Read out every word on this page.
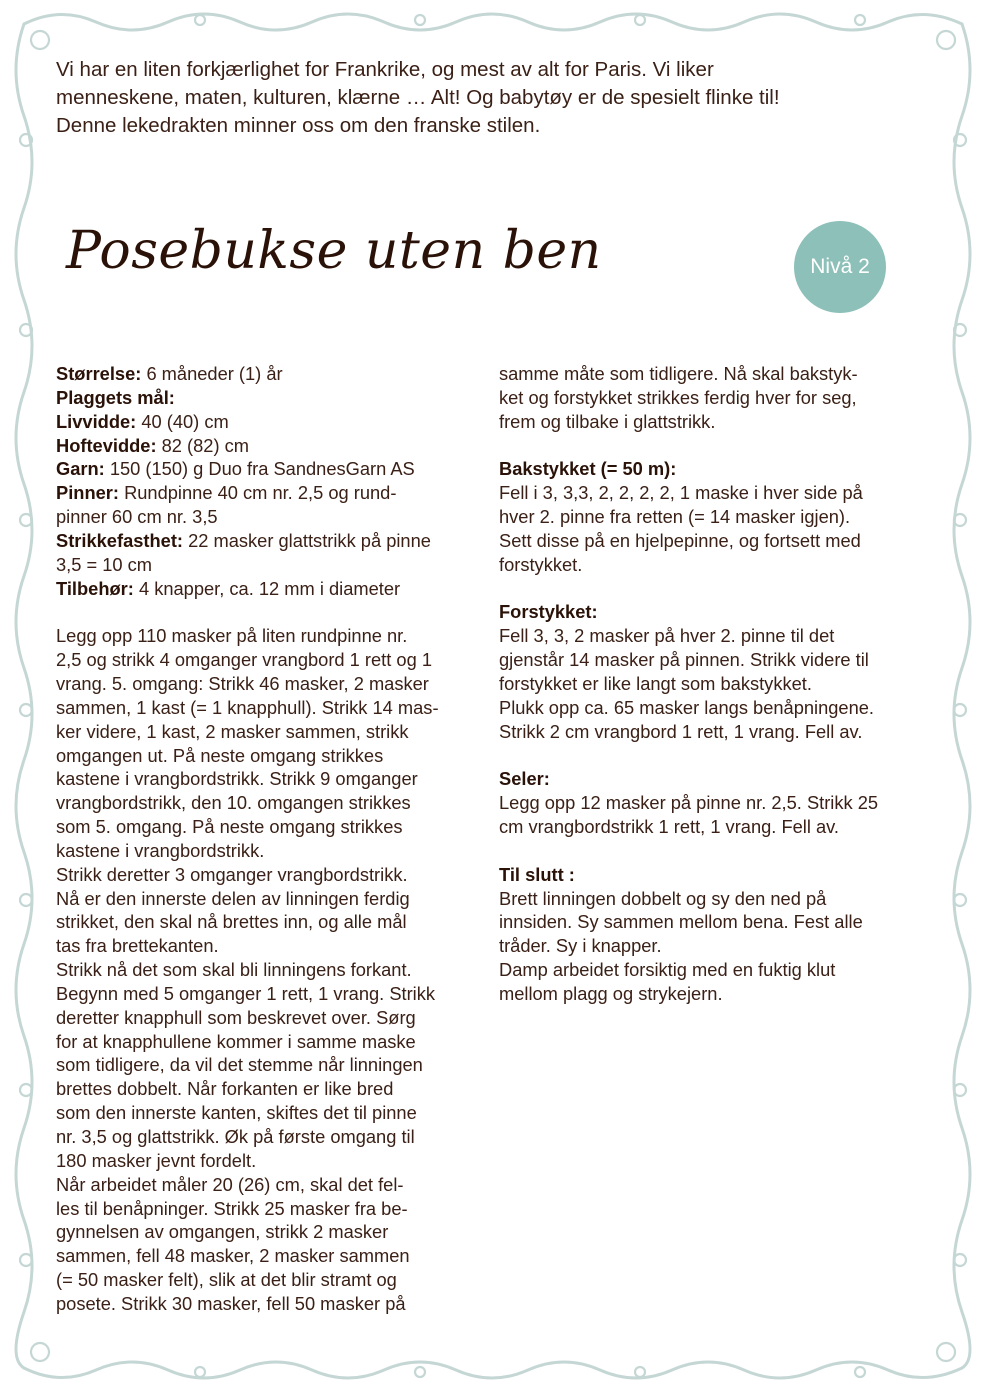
Vi har en liten forkjærlighet for Frankrike, og mest av alt for Paris. Vi liker
menneskene, maten, kulturen, klærne … Alt! Og babytøy er de spesielt flinke til!
Denne lekedrakten minner oss om den franske stilen.
Posebukse uten ben	Nivå 2

Størrelse: 6 måneder (1) år

Plaggets mål:

Livvidde: 40 (40) cm

Hoftevidde: 82 (82) cm

Garn: 150 (150) g Duo fra SandnesGarn AS

Pinner: Rundpinne 40 cm nr. 2,5 og rund-

pinner 60 cm nr. 3,5

Strikkefasthet: 22 masker glattstrikk på pinne

3,5 = 10 cm

Tilbehør: 4 knapper, ca. 12 mm i diameter

Legg opp 110 masker på liten rundpinne nr.

2,5 og strikk 4 omganger vrangbord 1 rett og 1

vrang. 5. omgang: Strikk 46 masker, 2 masker

sammen, 1 kast (= 1 knapphull). Strikk 14 mas-

ker videre, 1 kast, 2 masker sammen, strikk

omgangen ut. På neste omgang strikkes

kastene i vrangbordstrikk. Strikk 9 omganger

vrangbordstrikk, den 10. omgangen strikkes

som 5. omgang. På neste omgang strikkes

kastene i vrangbordstrikk.

Strikk deretter 3 omganger vrangbordstrikk.

Nå er den innerste delen av linningen ferdig

strikket, den skal nå brettes inn, og alle mål

tas fra brettekanten.

Strikk nå det som skal bli linningens forkant.

Begynn med 5 omganger 1 rett, 1 vrang. Strikk

deretter knapphull som beskrevet over. Sørg

for at knapphullene kommer i samme maske

som tidligere, da vil det stemme når linningen

brettes dobbelt. Når forkanten er like bred

som den innerste kanten, skiftes det til pinne

nr. 3,5 og glattstrikk. Øk på første omgang til

180 masker jevnt fordelt.

Når arbeidet måler 20 (26) cm, skal det fel-

les til benåpninger. Strikk 25 masker fra be-

gynnelsen av omgangen, strikk 2 masker

sammen, fell 48 masker, 2 masker sammen

(= 50 masker felt), slik at det blir stramt og

posete. Strikk 30 masker, fell 50 masker på

samme måte som tidligere. Nå skal bakstyk-

ket og forstykket strikkes ferdig hver for seg,

frem og tilbake i glattstrikk.

Bakstykket (= 50 m):

Fell i 3, 3,3, 2, 2, 2, 2, 1 maske i hver side på

hver 2. pinne fra retten (= 14 masker igjen).

Sett disse på en hjelpepinne, og fortsett med

forstykket.

Forstykket:

Fell 3, 3, 2 masker på hver 2. pinne til det

gjenstår 14 masker på pinnen. Strikk videre til

forstykket er like langt som bakstykket.

Plukk opp ca. 65 masker langs benåpningene.

Strikk 2 cm vrangbord 1 rett, 1 vrang. Fell av.

Seler:

Legg opp 12 masker på pinne nr. 2,5. Strikk 25

cm vrangbordstrikk 1 rett, 1 vrang. Fell av.

Til slutt :

Brett linningen dobbelt og sy den ned på

innsiden. Sy sammen mellom bena. Fest alle

tråder. Sy i knapper.

Damp arbeidet forsiktig med en fuktig klut

mellom plagg og strykejern.
